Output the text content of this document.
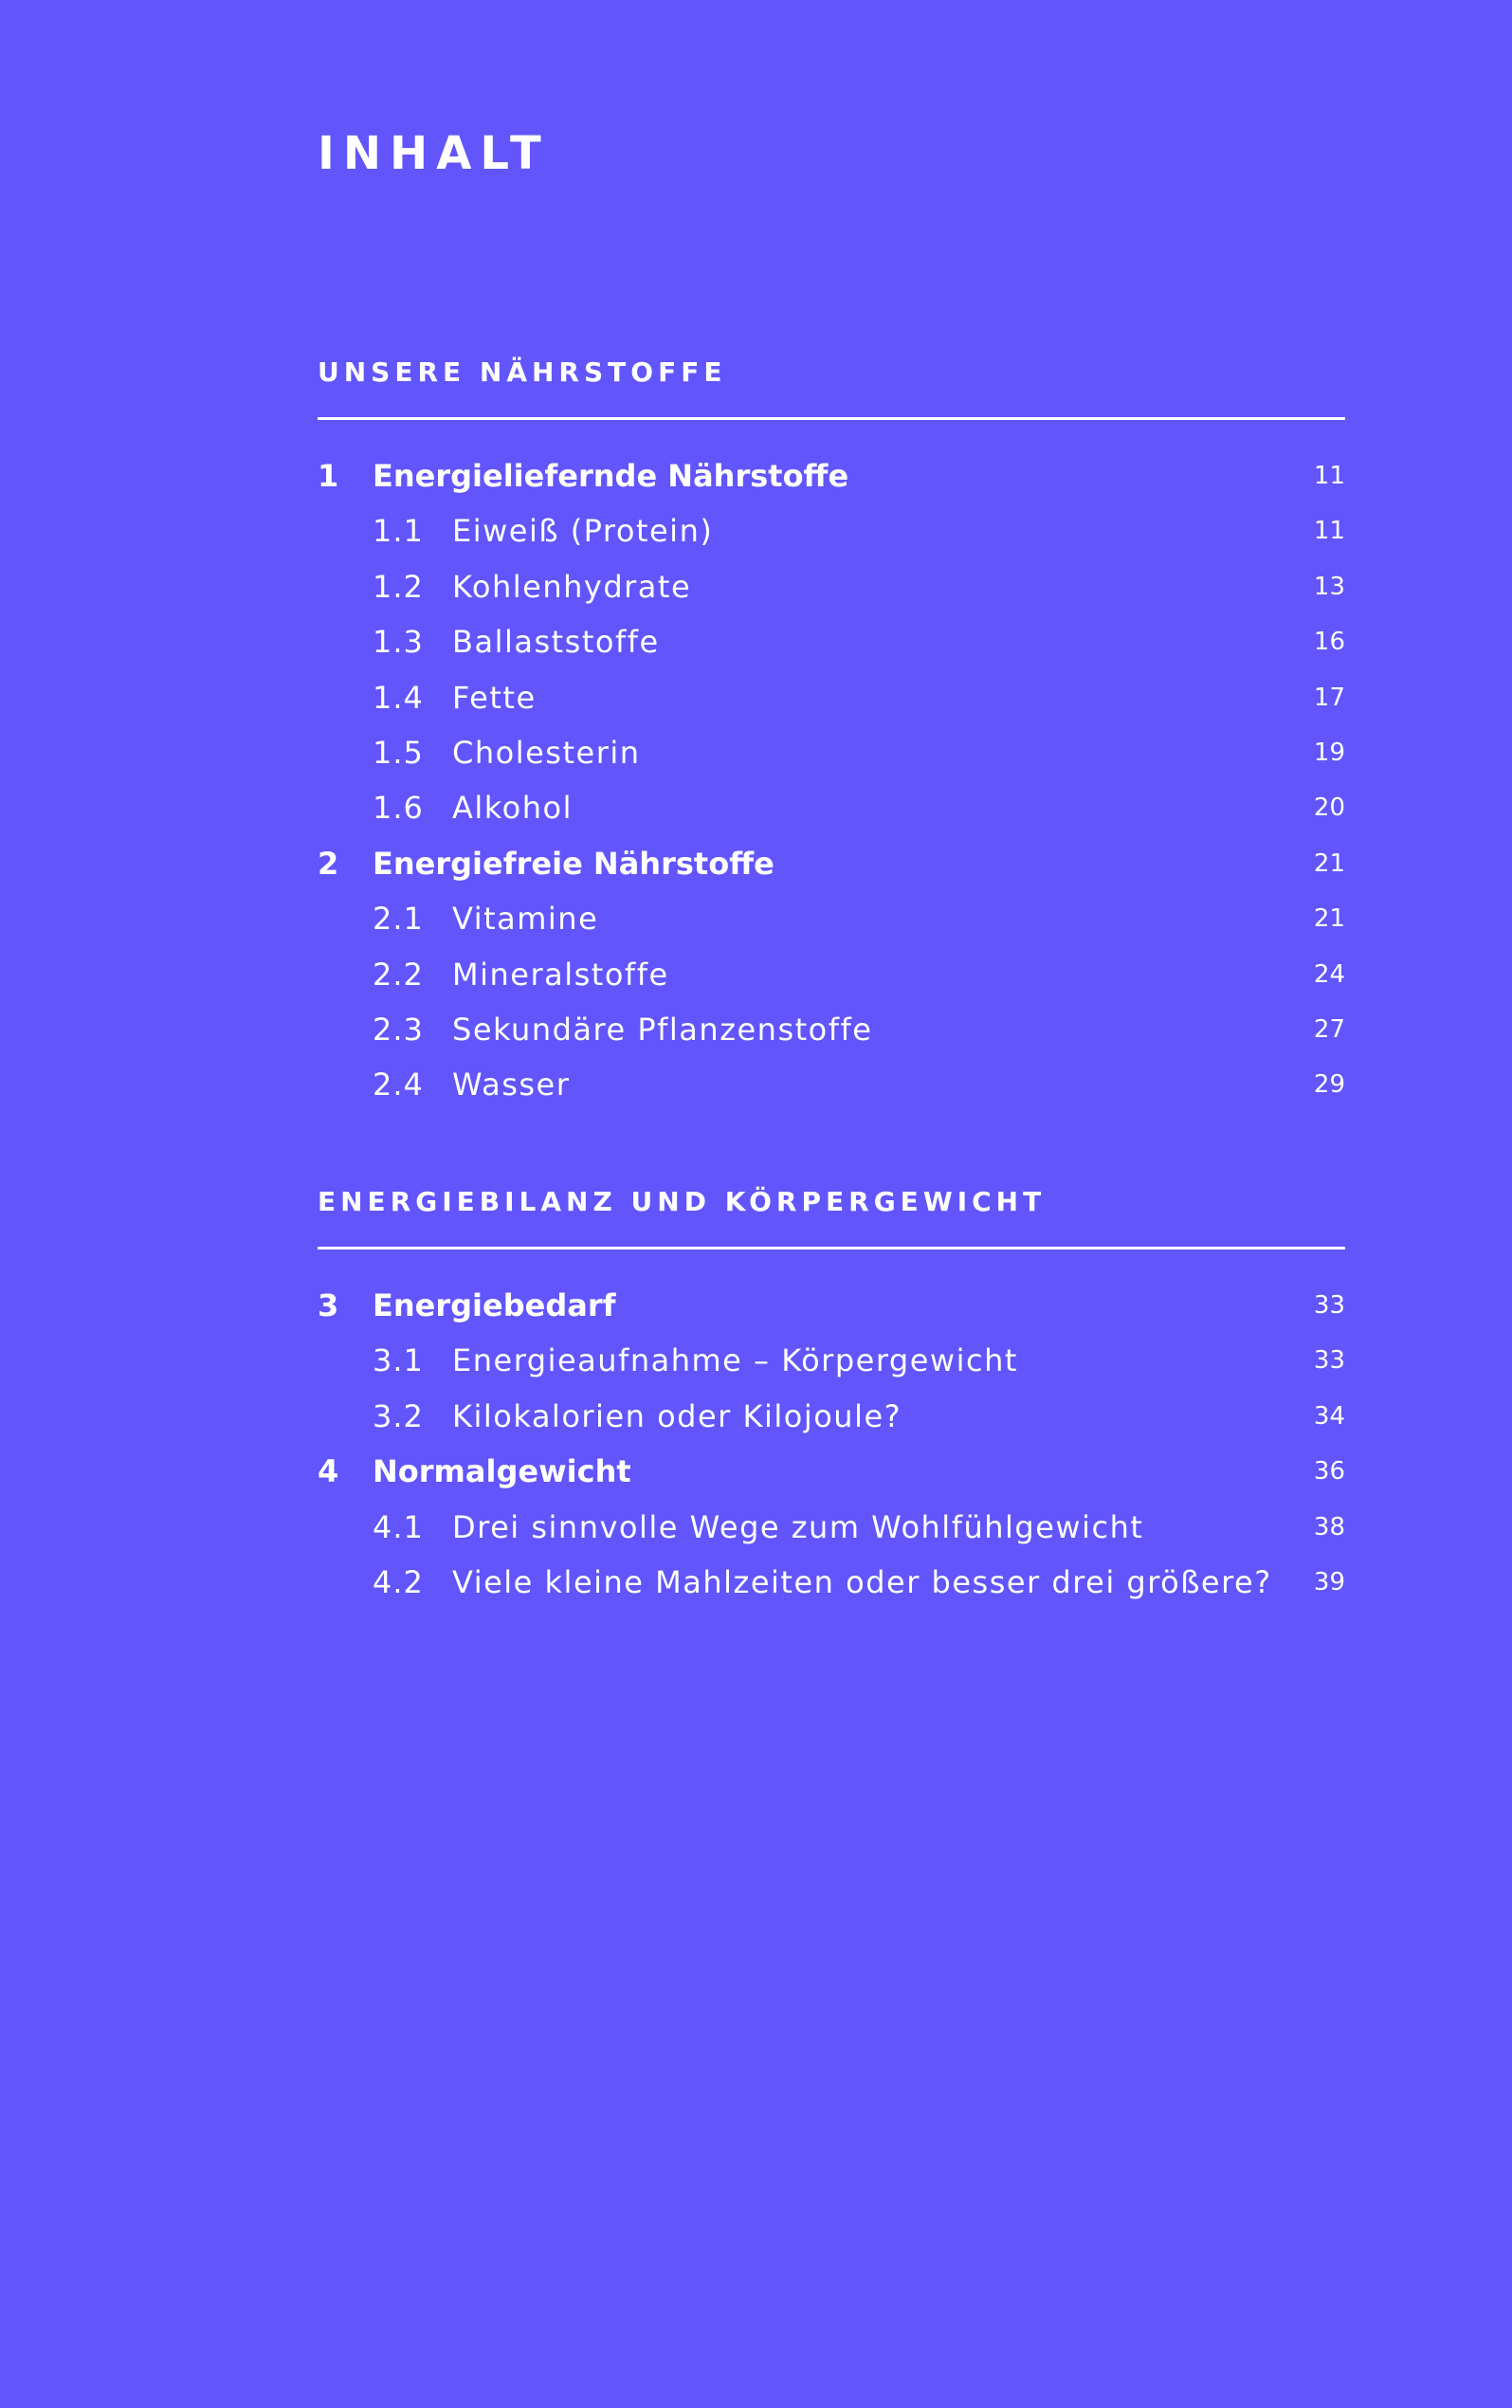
INHALT
UNSERE NÄHRSTOFFE
1 Energieliefernde Nährstoffe	11
1.1 Eiweiß (Protein)	11
1.2 Kohlenhydrate	13
1.3 Ballaststoffe	16
1.4 Fette	17
1.5 Cholesterin	19
1.6 Alkohol	20
2 Energiefreie Nährstoffe	21
2.1 Vitamine	21
2.2 Mineralstoffe	24
2.3 Sekundäre Pflanzenstoffe	27
2.4 Wasser	29
ENERGIEBILANZ UND KÖRPERGEWICHT
3 Energiebedarf	33
3.1 Energieaufnahme – Körpergewicht	33
3.2 Kilokalorien oder Kilojoule?	34
4 Normalgewicht	36
4.1 Drei sinnvolle Wege zum Wohlfühlgewicht	38
4.2 Viele kleine Mahlzeiten oder besser drei größere? 39
